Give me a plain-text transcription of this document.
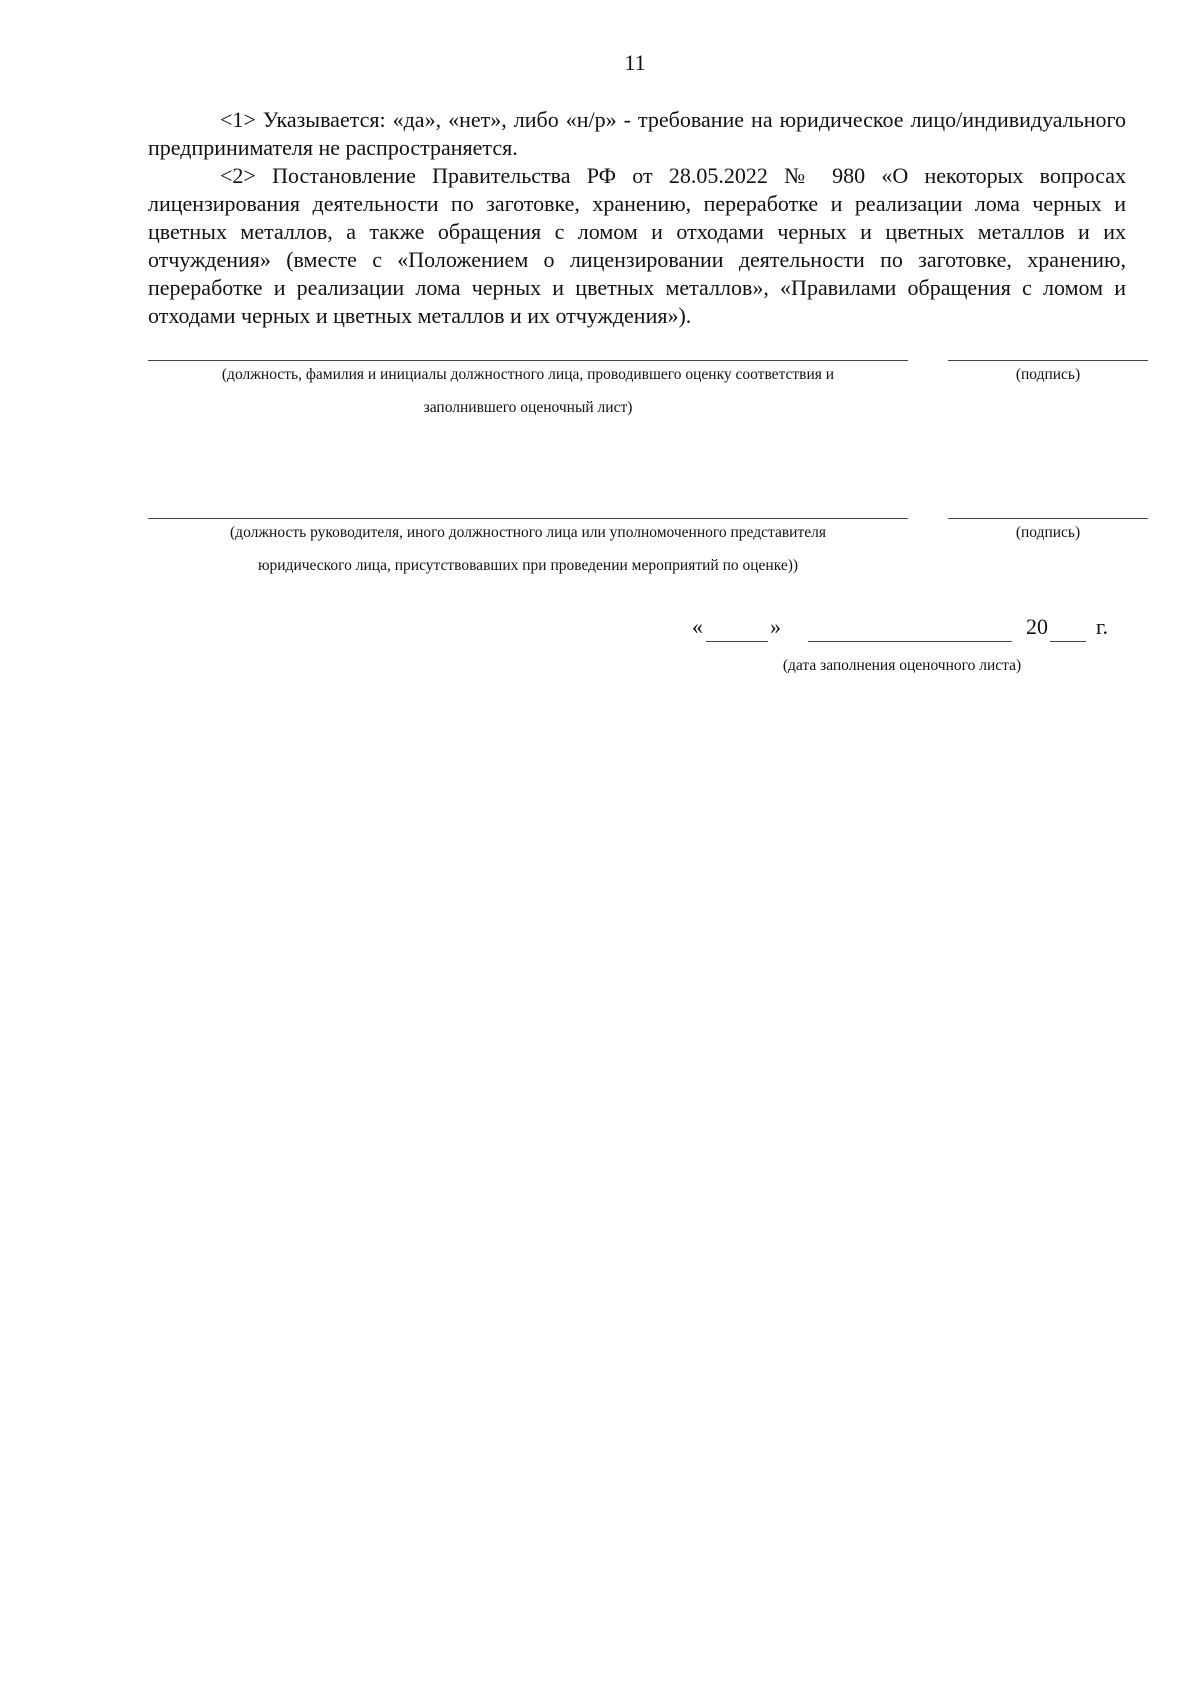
11

<1> Указывается: «да», «нет», либо «н/р» - требование на юридическое лицо/индивидуального предпринимателя не распространяется.

<2> Постановление Правительства РФ от 28.05.2022 № 980 «О некоторых вопросах лицензирования деятельности по заготовке, хранению, переработке и реализации лома черных и цветных металлов, а также обращения с ломом и отходами черных и цветных металлов и их отчуждения» (вместе с «Положением о лицензировании деятельности по заготовке, хранению, переработке и реализации лома черных и цветных металлов», «Правилами обращения с ломом и отходами черных и цветных металлов и их отчуждения»).

(должность, фамилия и инициалы должностного лица, проводившего оценку соответствия и
заполнившего оценочный лист)
(подпись)
(должность руководителя, иного должностного лица или уполномоченного представителя
юридического лица, присутствовавших при проведении мероприятий по оценке))
(подпись)
«	»	20 г.
(дата заполнения оценочного листа)
